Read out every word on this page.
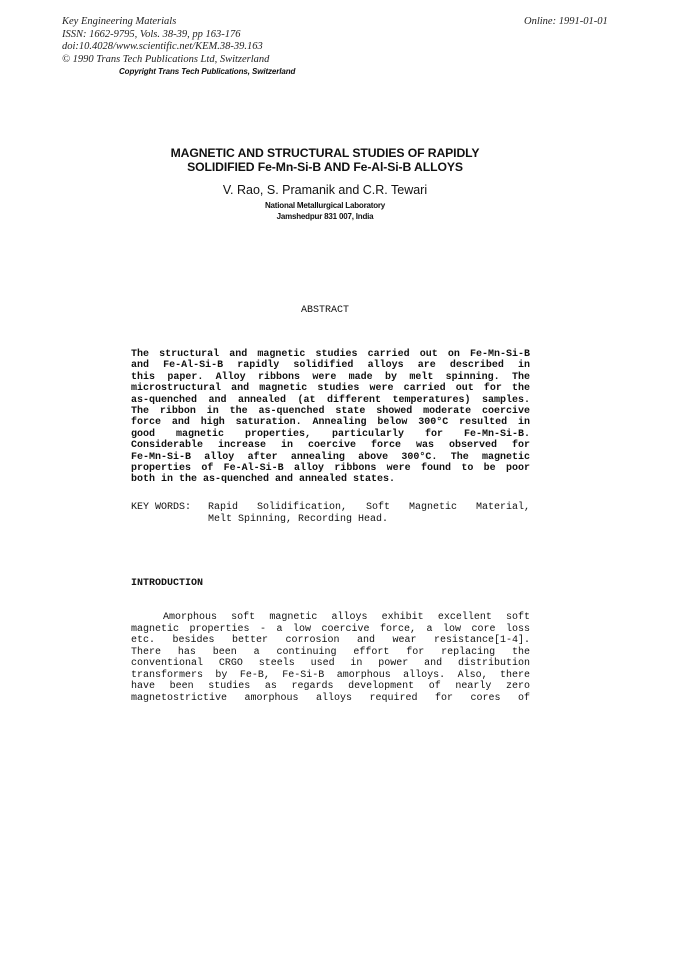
Key Engineering Materials
ISSN: 1662-9795, Vols. 38-39, pp 163-176
doi:10.4028/www.scientific.net/KEM.38-39.163
© 1990 Trans Tech Publications Ltd, Switzerland
Online: 1991-01-01
Copyright Trans Tech Publications, Switzerland
MAGNETIC AND STRUCTURAL STUDIES OF RAPIDLY
SOLIDIFIED Fe-Mn-Si-B AND Fe-Al-Si-B ALLOYS
V. Rao, S. Pramanik and C.R. Tewari
National Metallurgical Laboratory
Jamshedpur 831 007, India
ABSTRACT
The structural and magnetic studies carried out on Fe-Mn-Si-B
and Fe-Al-Si-B rapidly solidified alloys are described in
this paper. Alloy ribbons were made by melt spinning. The
microstructural and magnetic studies were carried out for the
as-quenched and annealed (at different temperatures) samples.
The ribbon in the as-quenched state showed moderate coercive
force and high saturation. Annealing below 300°C resulted in
good magnetic properties, particularly for Fe-Mn-Si-B.
Considerable increase in coercive force was observed for
Fe-Mn-Si-B alloy after annealing above 300°C. The magnetic
properties of Fe-Al-Si-B alloy ribbons were found to be poor
both in the as-quenched and annealed states.
KEY WORDS:	Rapid Solidification, Soft Magnetic Material,
Melt Spinning, Recording Head.
INTRODUCTION
Amorphous soft magnetic alloys exhibit excellent soft
magnetic properties - a low coercive force, a low core loss
etc. besides better corrosion and wear resistance[1-4].
There has been a continuing effort for replacing the
conventional CRGO steels used in power and distribution
transformers by Fe-B, Fe-Si-B amorphous alloys. Also, there
have been studies as regards development of nearly zero
magnetostrictive amorphous alloys required for cores of
